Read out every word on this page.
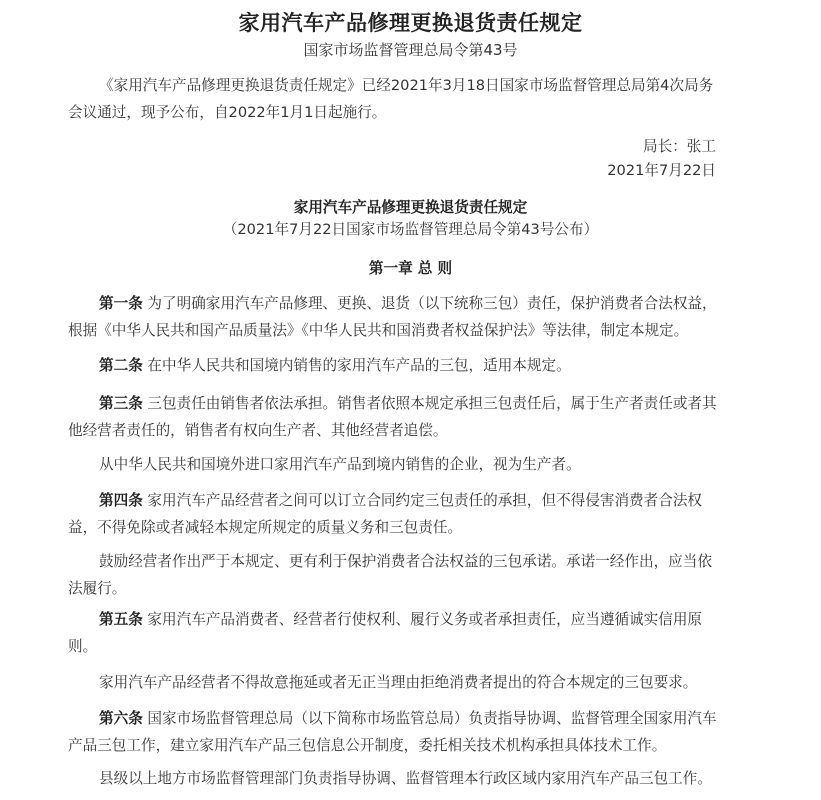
家用汽车产品修理更换退货责任规定
国家市场监督管理总局令第43号

《家用汽车产品修理更换退货责任规定》已经2021年3月18日国家市场监督管理总局第4次局务会议通过，现予公布，自2022年1月1日起施行。

局长：张工
2021年7月22日
家用汽车产品修理更换退货责任规定
（2021年7月22日国家市场监督管理总局令第43号公布）
第一章 总 则

第一条 为了明确家用汽车产品修理、更换、退货（以下统称三包）责任，保护消费者合法权益，根据《中华人民共和国产品质量法》《中华人民共和国消费者权益保护法》等法律，制定本规定。

第二条 在中华人民共和国境内销售的家用汽车产品的三包，适用本规定。

第三条 三包责任由销售者依法承担。销售者依照本规定承担三包责任后，属于生产者责任或者其他经营者责任的，销售者有权向生产者、其他经营者追偿。

从中华人民共和国境外进口家用汽车产品到境内销售的企业，视为生产者。

第四条 家用汽车产品经营者之间可以订立合同约定三包责任的承担，但不得侵害消费者合法权益，不得免除或者减轻本规定所规定的质量义务和三包责任。

鼓励经营者作出严于本规定、更有利于保护消费者合法权益的三包承诺。承诺一经作出，应当依法履行。

第五条 家用汽车产品消费者、经营者行使权利、履行义务或者承担责任，应当遵循诚实信用原则。

家用汽车产品经营者不得故意拖延或者无正当理由拒绝消费者提出的符合本规定的三包要求。

第六条 国家市场监督管理总局（以下简称市场监管总局）负责指导协调、监督管理全国家用汽车产品三包工作，建立家用汽车产品三包信息公开制度，委托相关技术机构承担具体技术工作。

县级以上地方市场监督管理部门负责指导协调、监督管理本行政区域内家用汽车产品三包工作。
